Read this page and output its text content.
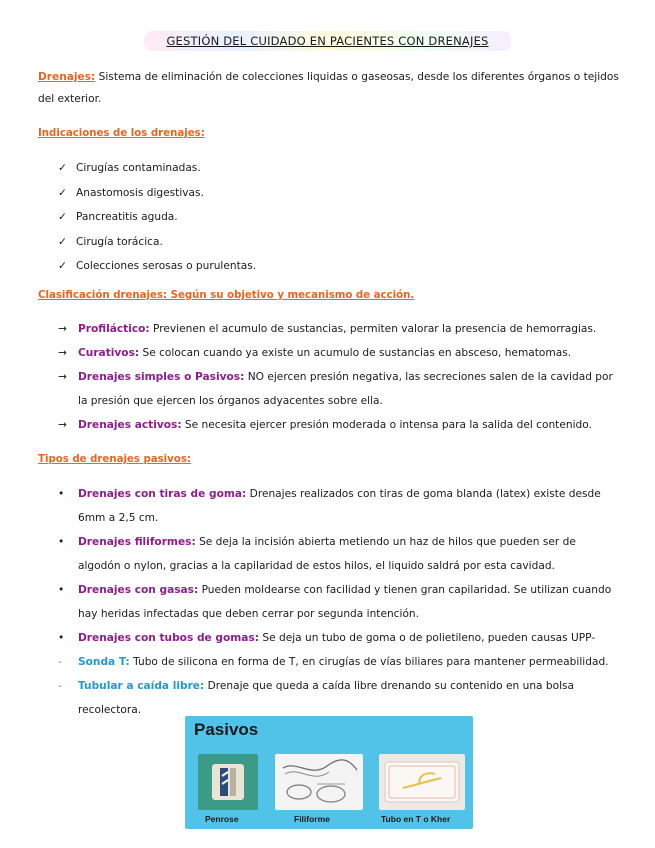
GESTIÓN DEL CUIDADO EN PACIENTES CON DRENAJES
Drenajes: Sistema de eliminación de colecciones liquidas o gaseosas, desde los diferentes órganos o tejidos del exterior.
Indicaciones de los drenajes:
✓ Cirugías contaminadas.
✓ Anastomosis digestivas.
✓ Pancreatitis aguda.
✓ Cirugía torácica.
✓ Colecciones serosas o purulentas.
Clasificación drenajes: Según su objetivo y mecanismo de acción.
→ Profiláctico: Previenen el acumulo de sustancias, permiten valorar la presencia de hemorragias.
→ Curativos: Se colocan cuando ya existe un acumulo de sustancias en absceso, hematomas.
→ Drenajes simples o Pasivos: NO ejercen presión negativa, las secreciones salen de la cavidad por la presión que ejercen los órganos adyacentes sobre ella.
→ Drenajes activos: Se necesita ejercer presión moderada o intensa para la salida del contenido.
Tipos de drenajes pasivos:
• Drenajes con tiras de goma: Drenajes realizados con tiras de goma blanda (latex) existe desde 6mm a 2,5 cm.
• Drenajes filiformes: Se deja la incisión abierta metiendo un haz de hilos que pueden ser de algodón o nylon, gracias a la capilaridad de estos hilos, el liquido saldrá por esta cavidad.
• Drenajes con gasas: Pueden moldearse con facilidad y tienen gran capilaridad. Se utilizan cuando hay heridas infectadas que deben cerrar por segunda intención.
• Drenajes con tubos de gomas: Se deja un tubo de goma o de polietileno, pueden causas UPP-
- Sonda T: Tubo de silicona en forma de T, en cirugías de vías biliares para mantener permeabilidad.
- Tubular a caída libre: Drenaje que queda a caída libre drenando su contenido en una bolsa recolectora.
Pasivos
Penrose	Filiforme	Tubo en T o Kher
